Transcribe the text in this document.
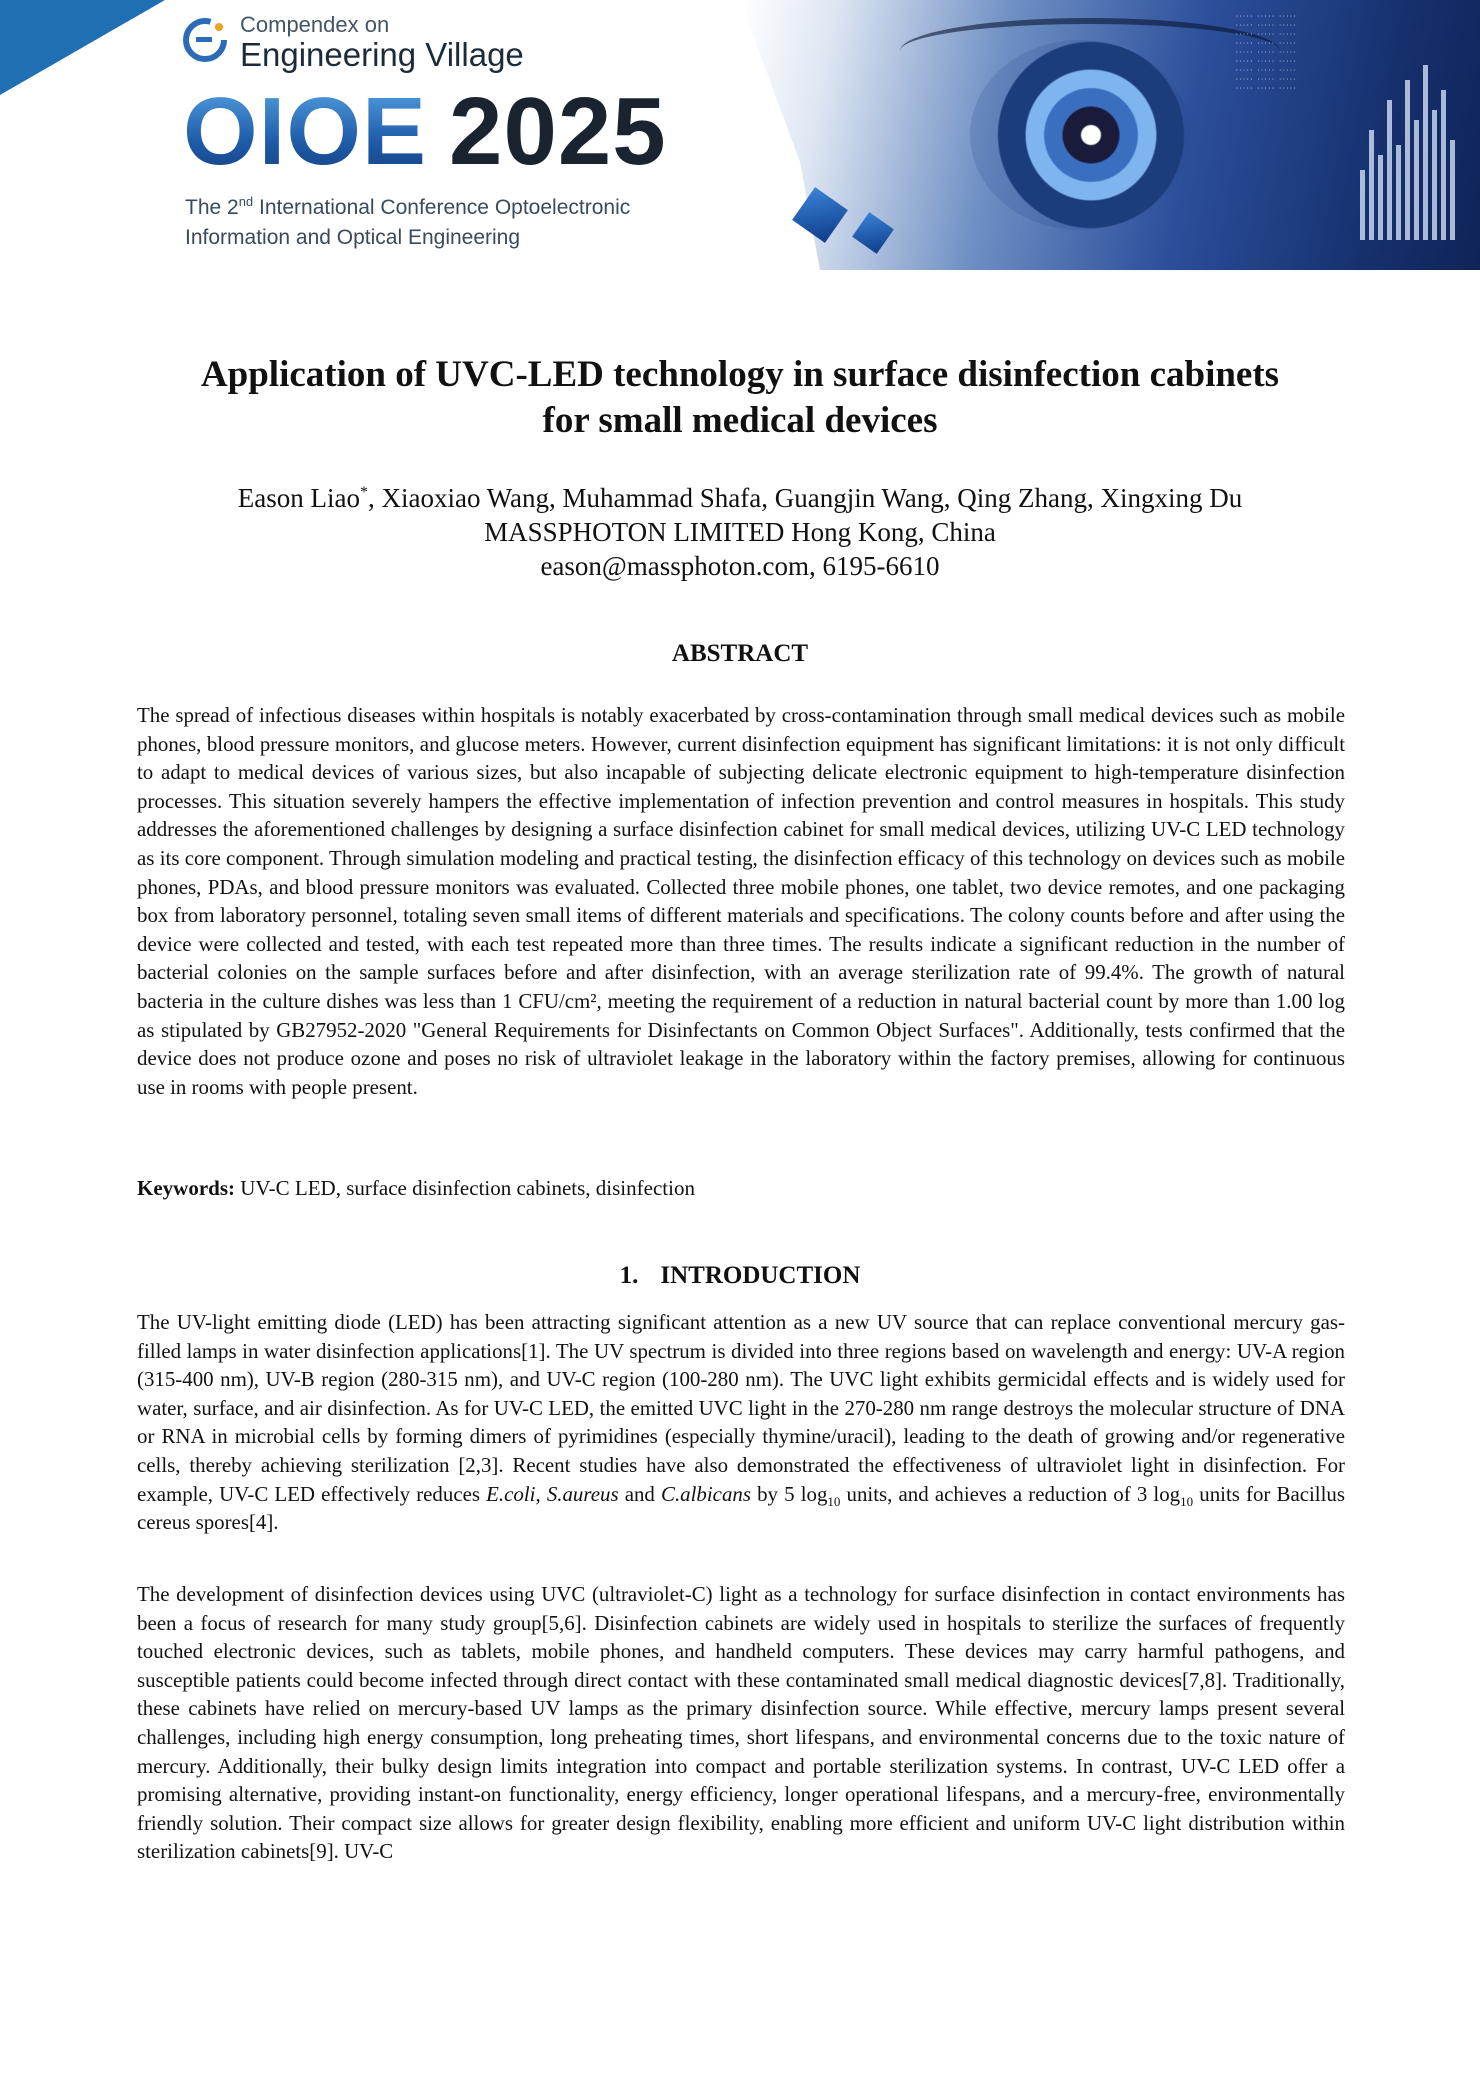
····· ····· ·····
····· ····· ·····
····· ····· ·····
····· ····· ·····
····· ····· ·····
····· ····· ·····
····· ····· ·····
····· ····· ·····
····· ····· ·····
Compendex on
Engineering Village
OIOE 2025
The 2nd International Conference Optoelectronic
Information and Optical Engineering
Application of UVC-LED technology in surface disinfection cabinets
for small medical devices
Eason Liao*, Xiaoxiao Wang, Muhammad Shafa, Guangjin Wang, Qing Zhang, Xingxing Du
MASSPHOTON LIMITED Hong Kong, China
eason@massphoton.com, 6195-6610
ABSTRACT

The spread of infectious diseases within hospitals is notably exacerbated by cross-contamination through small medical devices such as mobile phones, blood pressure monitors, and glucose meters. However, current disinfection equipment has significant limitations: it is not only difficult to adapt to medical devices of various sizes, but also incapable of subjecting delicate electronic equipment to high-temperature disinfection processes. This situation severely hampers the effective implementation of infection prevention and control measures in hospitals. This study addresses the aforementioned challenges by designing a surface disinfection cabinet for small medical devices, utilizing UV-C LED technology as its core component. Through simulation modeling and practical testing, the disinfection efficacy of this technology on devices such as mobile phones, PDAs, and blood pressure monitors was evaluated. Collected three mobile phones, one tablet, two device remotes, and one packaging box from laboratory personnel, totaling seven small items of different materials and specifications. The colony counts before and after using the device were collected and tested, with each test repeated more than three times. The results indicate a significant reduction in the number of bacterial colonies on the sample surfaces before and after disinfection, with an average sterilization rate of 99.4%. The growth of natural bacteria in the culture dishes was less than 1 CFU/cm², meeting the requirement of a reduction in natural bacterial count by more than 1.00 log as stipulated by GB27952-2020 "General Requirements for Disinfectants on Common Object Surfaces". Additionally, tests confirmed that the device does not produce ozone and poses no risk of ultraviolet leakage in the laboratory within the factory premises, allowing for continuous use in rooms with people present.

Keywords: UV-C LED, surface disinfection cabinets, disinfection
1. INTRODUCTION

The UV-light emitting diode (LED) has been attracting significant attention as a new UV source that can replace conventional mercury gas-filled lamps in water disinfection applications[1]. The UV spectrum is divided into three regions based on wavelength and energy: UV-A region (315-400 nm), UV-B region (280-315 nm), and UV-C region (100-280 nm). The UVC light exhibits germicidal effects and is widely used for water, surface, and air disinfection. As for UV-C LED, the emitted UVC light in the 270-280 nm range destroys the molecular structure of DNA or RNA in microbial cells by forming dimers of pyrimidines (especially thymine/uracil), leading to the death of growing and/or regenerative cells, thereby achieving sterilization [2,3]. Recent studies have also demonstrated the effectiveness of ultraviolet light in disinfection. For example, UV-C LED effectively reduces E.coli, S.aureus and C.albicans by 5 $\log_{10}$ units, and achieves a reduction of 3 $\log_{10}$ units for Bacillus cereus spores[4].

The development of disinfection devices using UVC (ultraviolet-C) light as a technology for surface disinfection in contact environments has been a focus of research for many study group[5,6]. Disinfection cabinets are widely used in hospitals to sterilize the surfaces of frequently touched electronic devices, such as tablets, mobile phones, and handheld computers. These devices may carry harmful pathogens, and susceptible patients could become infected through direct contact with these contaminated small medical diagnostic devices[7,8]. Traditionally, these cabinets have relied on mercury-based UV lamps as the primary disinfection source. While effective, mercury lamps present several challenges, including high energy consumption, long preheating times, short lifespans, and environmental concerns due to the toxic nature of mercury. Additionally, their bulky design limits integration into compact and portable sterilization systems. In contrast, UV-C LED offer a promising alternative, providing instant-on functionality, energy efficiency, longer operational lifespans, and a mercury-free, environmentally friendly solution. Their compact size allows for greater design flexibility, enabling more efficient and uniform UV-C light distribution within sterilization cabinets[9]. UV-C
